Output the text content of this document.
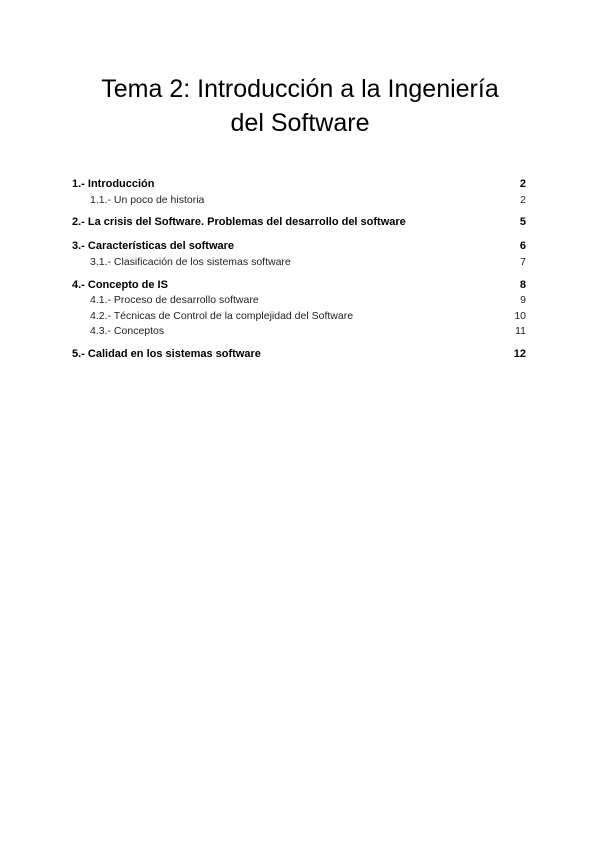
Tema 2: Introducción a la Ingeniería
del Software
1.- Introducción	2
1.1.- Un poco de historia	2
2.- La crisis del Software. Problemas del desarrollo del software	5
3.- Características del software	6
3.1.- Clasificación de los sistemas software	7
4.- Concepto de IS	8
4.1.- Proceso de desarrollo software	9
4.2.- Técnicas de Control de la complejidad del Software	10
4.3.- Conceptos	11
5.- Calidad en los sistemas software	12
